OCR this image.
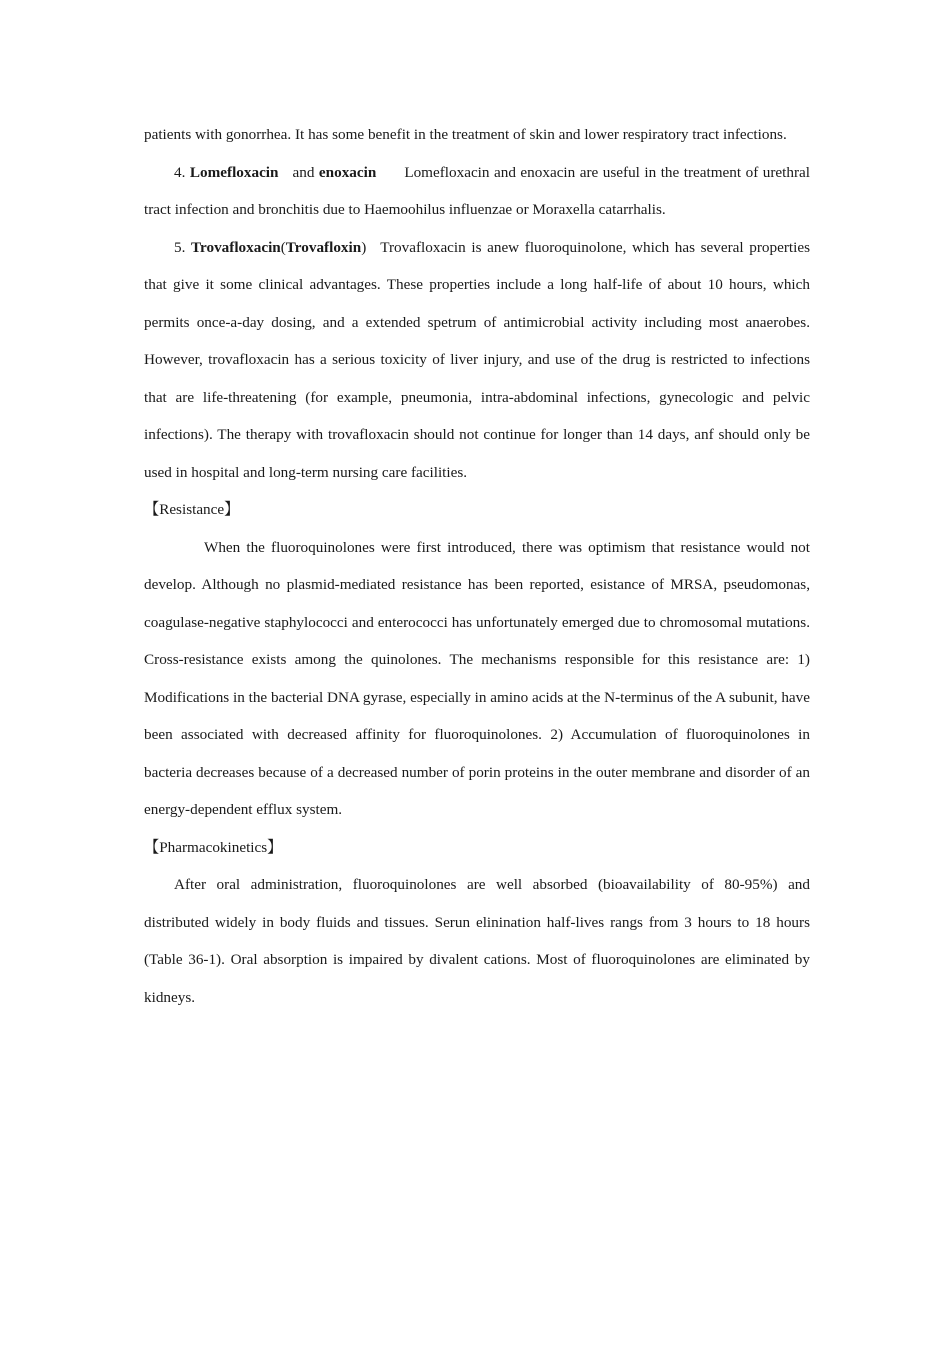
patients with gonorrhea. It has some benefit in the treatment of skin and lower respiratory tract infections.

4. Lomefloxacin and enoxacin Lomefloxacin and enoxacin are useful in the treatment of urethral tract infection and bronchitis due to Haemoohilus influenzae or Moraxella catarrhalis.

5. Trovafloxacin(Trovafloxin) Trovafloxacin is anew fluoroquinolone, which has several properties that give it some clinical advantages. These properties include a long half-life of about 10 hours, which permits once-a-day dosing, and a extended spetrum of antimicrobial activity including most anaerobes. However, trovafloxacin has a serious toxicity of liver injury, and use of the drug is restricted to infections that are life-threatening (for example, pneumonia, intra-abdominal infections, gynecologic and pelvic infections). The therapy with trovafloxacin should not continue for longer than 14 days, anf should only be used in hospital and long-term nursing care facilities.

【Resistance】

When the fluoroquinolones were first introduced, there was optimism that resistance would not develop. Although no plasmid-mediated resistance has been reported, esistance of MRSA, pseudomonas, coagulase-negative staphylococci and enterococci has unfortunately emerged due to chromosomal mutations. Cross-resistance exists among the quinolones. The mechanisms responsible for this resistance are: 1) Modifications in the bacterial DNA gyrase, especially in amino acids at the N-terminus of the A subunit, have been associated with decreased affinity for fluoroquinolones. 2) Accumulation of fluoroquinolones in bacteria decreases because of a decreased number of porin proteins in the outer membrane and disorder of an energy-dependent efflux system.

【Pharmacokinetics】

After oral administration, fluoroquinolones are well absorbed (bioavailability of 80-95%) and distributed widely in body fluids and tissues. Serun elinination half-lives rangs from 3 hours to 18 hours (Table 36-1). Oral absorption is impaired by divalent cations. Most of fluoroquinolones are eliminated by kidneys.
